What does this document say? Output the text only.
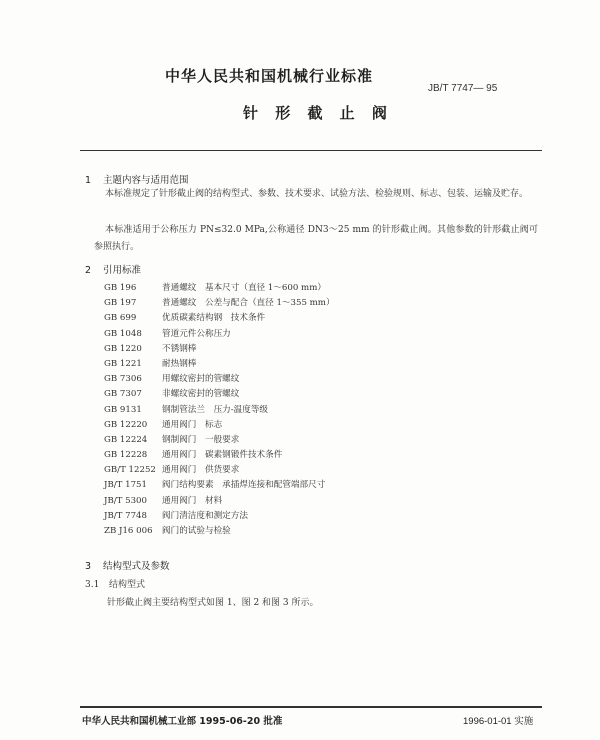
中华人民共和国机械行业标准
JB/T 7747— 95
针 形 截 止 阀
1 主题内容与适用范围
本标准规定了针形截止阀的结构型式、参数、技术要求、试验方法、检验规则、标志、包装、运输及贮存。
本标准适用于公称压力 PN≤32.0 MPa,公称通径 DN3～25 mm 的针形截止阀。其他参数的针形截止阀可参照执行。
2 引用标准
GB 196	普通螺纹　基本尺寸（直径 1～600 mm）
GB 197	普通螺纹　公差与配合（直径 1～355 mm）
GB 699	优质碳素结构钢　技术条件
GB 1048 管道元件公称压力
GB 1220 不锈钢棒
GB 1221 耐热钢棒
GB 7306 用螺纹密封的管螺纹
GB 7307 非螺纹密封的管螺纹
GB 9131 钢制管法兰　压力-温度等级
GB 12220 通用阀门　标志
GB 12224 钢制阀门　一般要求
GB 12228 通用阀门　碳素钢锻件技术条件
GB/T 12252 通用阀门　供货要求
JB/T 1751 阀门结构要素　承插焊连接和配管端部尺寸
JB/T 5300 通用阀门　材料
JB/T 7748 阀门清洁度和测定方法
ZB J16 006 阀门的试验与检验
3 结构型式及参数
3.1 结构型式
针形截止阀主要结构型式如图 1、图 2 和图 3 所示。
中华人民共和国机械工业部 1995-06-20 批准	1996-01-01 实施
